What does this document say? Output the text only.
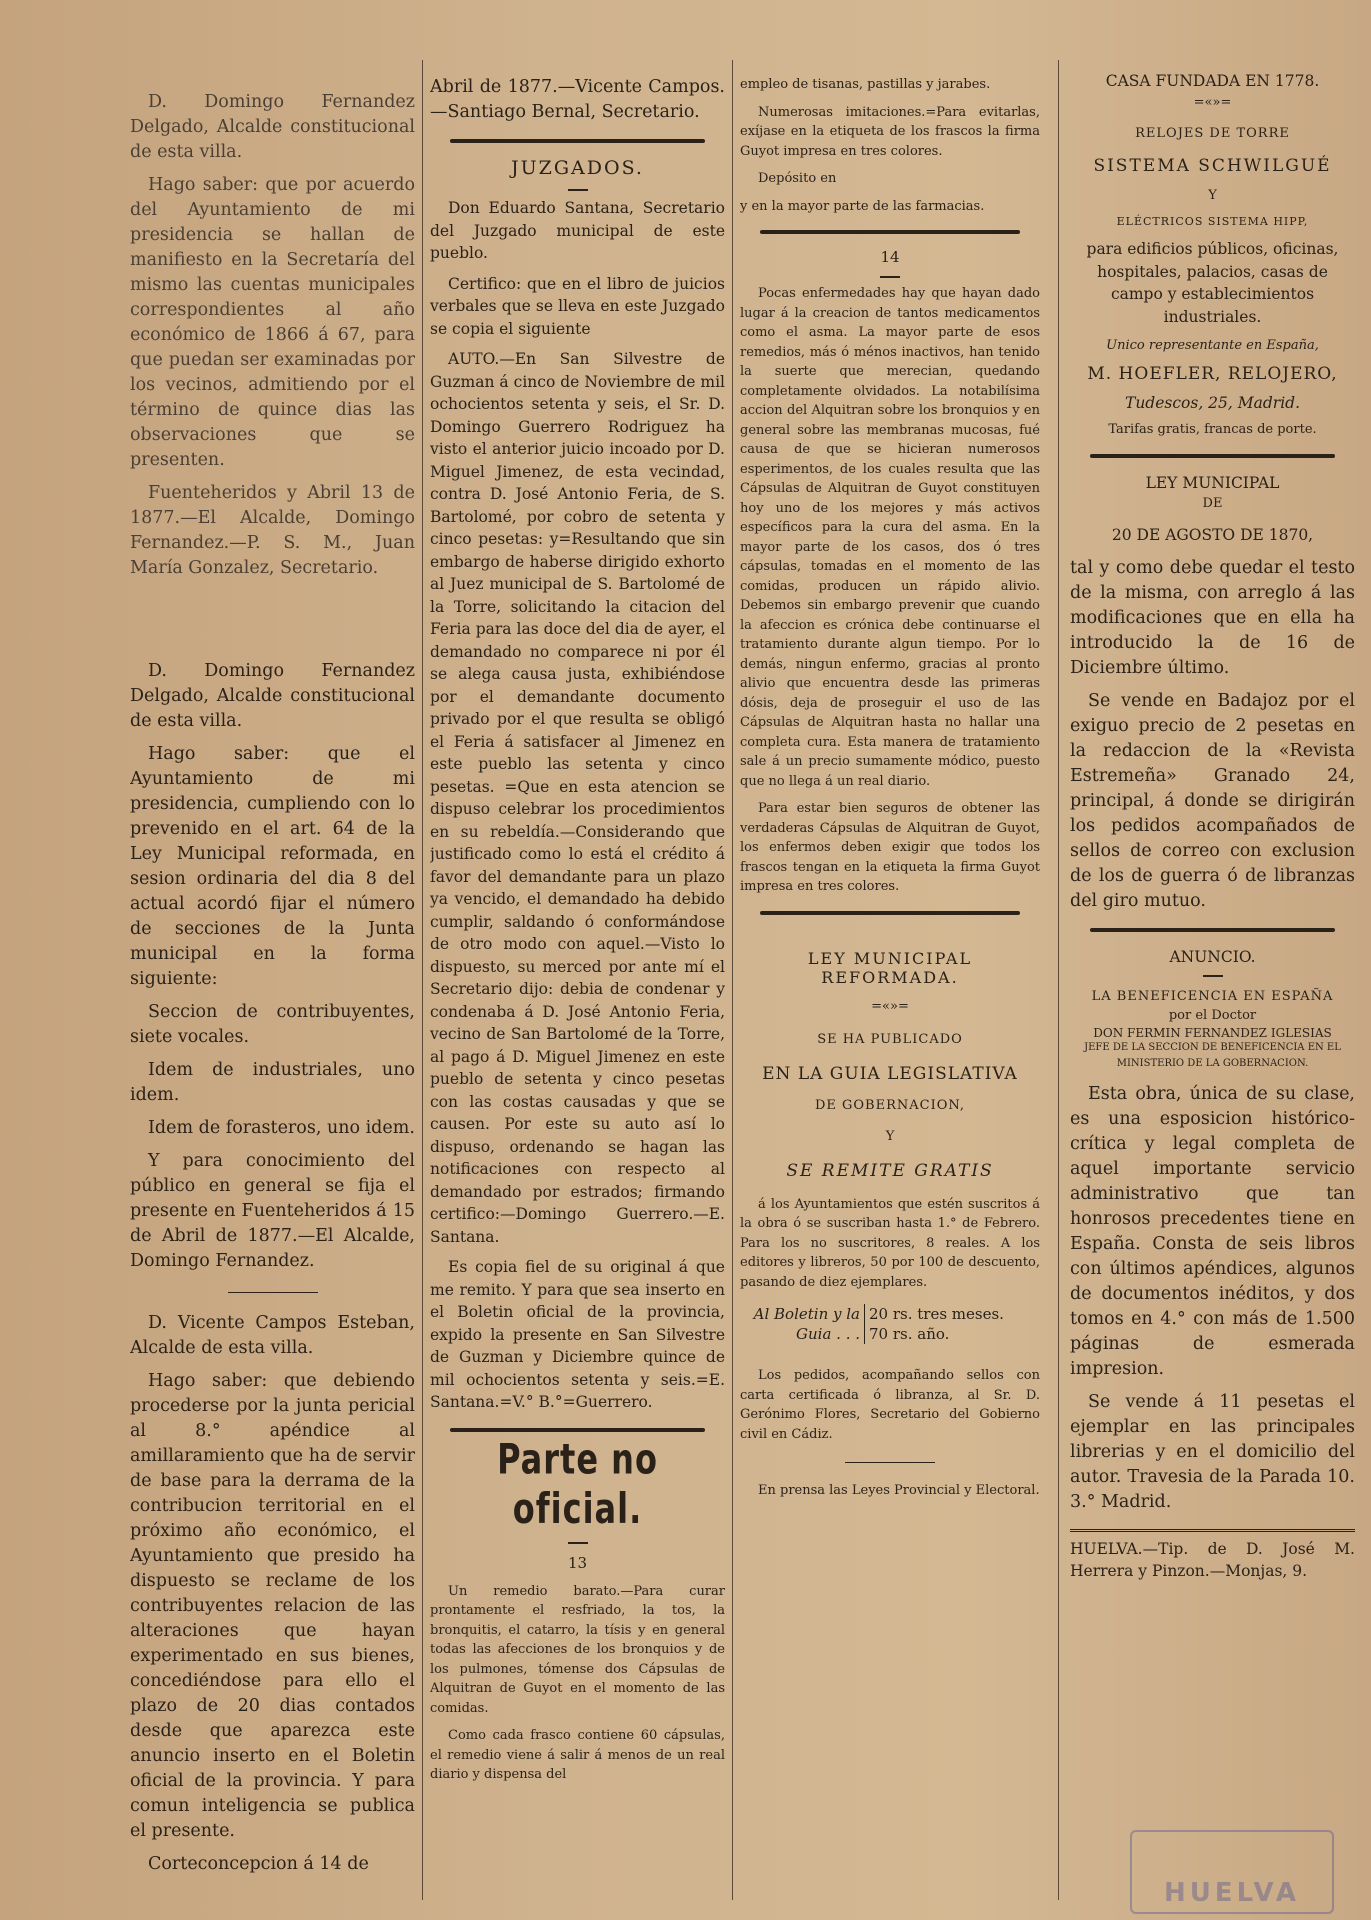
D. Domingo Fernandez Delgado, Alcalde constitucional de esta villa.

Hago saber: que por acuerdo del Ayuntamiento de mi presidencia se hallan de manifiesto en la Secretaría del mismo las cuentas municipales correspondientes al año económico de 1866 á 67, para que puedan ser examinadas por los vecinos, admitiendo por el término de quince dias las observaciones que se presenten.

Fuenteheridos y Abril 13 de 1877.—El Alcalde, Domingo Fernandez.—P. S. M., Juan María Gonzalez, Secretario.

D. Domingo Fernandez Delgado, Alcalde constitucional de esta villa.

Hago saber: que el Ayuntamiento de mi presidencia, cumpliendo con lo prevenido en el art. 64 de la Ley Municipal reformada, en sesion ordinaria del dia 8 del actual acordó fijar el número de secciones de la Junta municipal en la forma siguiente:

Seccion de contribuyentes, siete vocales.

Idem de industriales, uno idem.

Idem de forasteros, uno idem.

Y para conocimiento del público en general se fija el presente en Fuenteheridos á 15 de Abril de 1877.—El Alcalde, Domingo Fernandez.

D. Vicente Campos Esteban, Alcalde de esta villa.

Hago saber: que debiendo procederse por la junta pericial al 8.° apéndice al amillaramiento que ha de servir de base para la derrama de la contribucion territorial en el próximo año económico, el Ayuntamiento que presido ha dispuesto se reclame de los contribuyentes relacion de las alteraciones que hayan experimentado en sus bienes, concediéndose para ello el plazo de 20 dias contados desde que aparezca este anuncio inserto en el Boletin oficial de la provincia. Y para comun inteligencia se publica el presente.

Corteconcepcion á 14 de

Abril de 1877.—Vicente Campos.—Santiago Bernal, Secretario.

JUZGADOS.

Don Eduardo Santana, Secretario del Juzgado municipal de este pueblo.

Certifico: que en el libro de juicios verbales que se lleva en este Juzgado se copia el siguiente

AUTO.—En San Silvestre de Guzman á cinco de Noviembre de mil ochocientos setenta y seis, el Sr. D. Domingo Guerrero Rodriguez ha visto el anterior juicio incoado por D. Miguel Jimenez, de esta vecindad, contra D. José Antonio Feria, de S. Bartolomé, por cobro de setenta y cinco pesetas: y=Resultando que sin embargo de haberse dirigido exhorto al Juez municipal de S. Bartolomé de la Torre, solicitando la citacion del Feria para las doce del dia de ayer, el demandado no comparece ni por él se alega causa justa, exhibiéndose por el demandante documento privado por el que resulta se obligó el Feria á satisfacer al Jimenez en este pueblo las setenta y cinco pesetas. =Que en esta atencion se dispuso celebrar los procedimientos en su rebeldía.—Considerando que justificado como lo está el crédito á favor del demandante para un plazo ya vencido, el demandado ha debido cumplir, saldando ó conformándose de otro modo con aquel.—Visto lo dispuesto, su merced por ante mí el Secretario dijo: debia de condenar y condenaba á D. José Antonio Feria, vecino de San Bartolomé de la Torre, al pago á D. Miguel Jimenez en este pueblo de setenta y cinco pesetas con las costas causadas y que se causen. Por este su auto así lo dispuso, ordenando se hagan las notificaciones con respecto al demandado por estrados; firmando certifico:—Domingo Guerrero.—E. Santana.

Es copia fiel de su original á que me remito. Y para que sea inserto en el Boletin oficial de la provincia, expido la presente en San Silvestre de Guzman y Diciembre quince de mil ochocientos setenta y seis.=E. Santana.=V.° B.°=Guerrero.

Parte no oficial.
13

Un remedio barato.—Para curar prontamente el resfriado, la tos, la bronquitis, el catarro, la tísis y en general todas las afecciones de los bronquios y de los pulmones, tómense dos Cápsulas de Alquitran de Guyot en el momento de las comidas.

Como cada frasco contiene 60 cápsulas, el remedio viene á salir á menos de un real diario y dispensa del

empleo de tisanas, pastillas y jarabes.

Numerosas imitaciones.=Para evitarlas, exíjase en la etiqueta de los frascos la firma Guyot impresa en tres colores.

Depósito en

y en la mayor parte de las farmacias.

14

Pocas enfermedades hay que hayan dado lugar á la creacion de tantos medicamentos como el asma. La mayor parte de esos remedios, más ó ménos inactivos, han tenido la suerte que merecian, quedando completamente olvidados. La notabilísima accion del Alquitran sobre los bronquios y en general sobre las membranas mucosas, fué causa de que se hicieran numerosos esperimentos, de los cuales resulta que las Cápsulas de Alquitran de Guyot constituyen hoy uno de los mejores y más activos específicos para la cura del asma. En la mayor parte de los casos, dos ó tres cápsulas, tomadas en el momento de las comidas, producen un rápido alivio. Debemos sin embargo prevenir que cuando la afeccion es crónica debe continuarse el tratamiento durante algun tiempo. Por lo demás, ningun enfermo, gracias al pronto alivio que encuentra desde las primeras dósis, deja de proseguir el uso de las Cápsulas de Alquitran hasta no hallar una completa cura. Esta manera de tratamiento sale á un precio sumamente módico, puesto que no llega á un real diario.

Para estar bien seguros de obtener las verdaderas Cápsulas de Alquitran de Guyot, los enfermos deben exigir que todos los frascos tengan en la etiqueta la firma Guyot impresa en tres colores.

LEY MUNICIPAL REFORMADA.
=«»=
SE HA PUBLICADO
EN LA GUIA LEGISLATIVA
DE GOBERNACION,
Y
SE REMITE GRATIS

á los Ayuntamientos que estén suscritos á la obra ó se suscriban hasta 1.° de Febrero. Para los no suscritores, 8 reales. A los editores y libreros, 50 por 100 de descuento, pasando de diez ejemplares.

Al Boletin y la Guia . . .
20 rs. tres meses.
70 rs. año.

Los pedidos, acompañando sellos con carta certificada ó libranza, al Sr. D. Gerónimo Flores, Secretario del Gobierno civil en Cádiz.

En prensa las Leyes Provincial y Electoral.

CASA FUNDADA EN 1778.
=«»=
RELOJES DE TORRE
SISTEMA SCHWILGUÉ
Y
ELÉCTRICOS SISTEMA HIPP,

para edificios públicos, oficinas, hospitales, palacios, casas de campo y establecimientos industriales.

Unico representante en España,
M. HOEFLER, RELOJERO,
Tudescos, 25, Madrid.
Tarifas gratis, francas de porte.
LEY MUNICIPAL
DE
20 DE AGOSTO DE 1870,

tal y como debe quedar el testo de la misma, con arreglo á las modificaciones que en ella ha introducido la de 16 de Diciembre último.

Se vende en Badajoz por el exiguo precio de 2 pesetas en la redaccion de la «Revista Estremeña» Granado 24, principal, á donde se dirigirán los pedidos acompañados de sellos de correo con exclusion de los de guerra ó de libranzas del giro mutuo.

ANUNCIO.
LA BENEFICENCIA EN ESPAÑA
por el Doctor
DON FERMIN FERNANDEZ IGLESIAS
JEFE DE LA SECCION DE BENEFICENCIA EN EL MINISTERIO DE LA GOBERNACION.

Esta obra, única de su clase, es una esposicion histórico-crítica y legal completa de aquel importante servicio administrativo que tan honrosos precedentes tiene en España. Consta de seis libros con últimos apéndices, algunos de documentos inéditos, y dos tomos en 4.° con más de 1.500 páginas de esmerada impresion.

Se vende á 11 pesetas el ejemplar en las principales librerias y en el domicilio del autor. Travesia de la Parada 10. 3.° Madrid.

HUELVA.—Tip. de D. José M. Herrera y Pinzon.—Monjas, 9.

HUELVA
